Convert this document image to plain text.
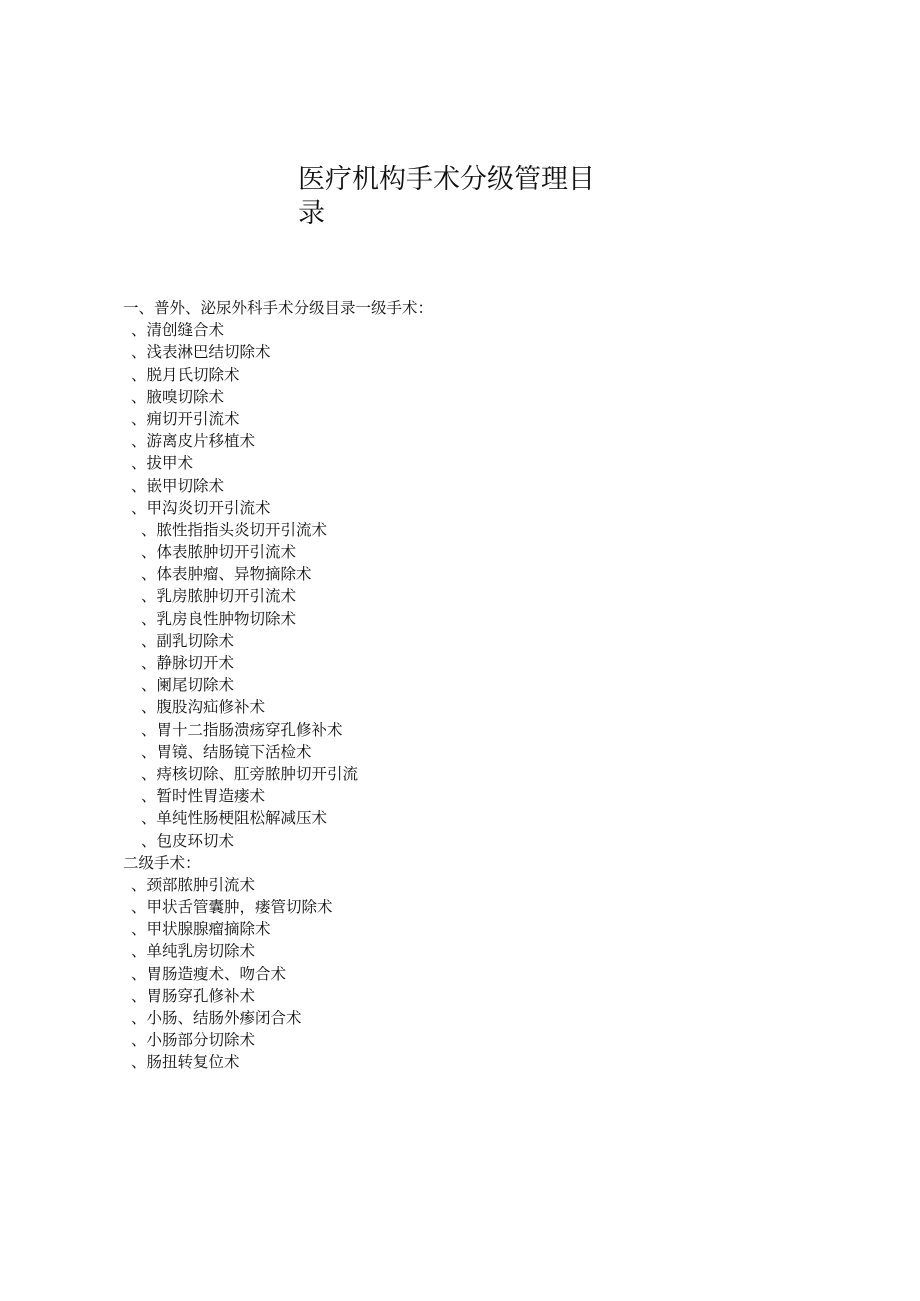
医疗机构手术分级管理目录
一、普外、泌尿外科手术分级目录一级手术：
、清创缝合术
、浅表淋巴结切除术
、脱月氏切除术
、腋嗅切除术
、痈切开引流术
、游离皮片移植术
、拔甲术
、嵌甲切除术
、甲沟炎切开引流术
、脓性指指头炎切开引流术
、体表脓肿切开引流术
、体表肿瘤、异物摘除术
、乳房脓肿切开引流术
、乳房良性肿物切除术
、副乳切除术
、静脉切开术
、阑尾切除术
、腹股沟疝修补术
、胃十二指肠溃疡穿孔修补术
、胃镜、结肠镜下活检术
、痔核切除、肛旁脓肿切开引流
、暂时性胃造瘘术
、单纯性肠梗阻松解减压术
、包皮环切术
二级手术：
、颈部脓肿引流术
、甲状舌管囊肿，瘘管切除术
、甲状腺腺瘤摘除术
、单纯乳房切除术
、胃肠造瘦术、吻合术
、胃肠穿孔修补术
、小肠、结肠外瘆闭合术
、小肠部分切除术
、肠扭转复位术
